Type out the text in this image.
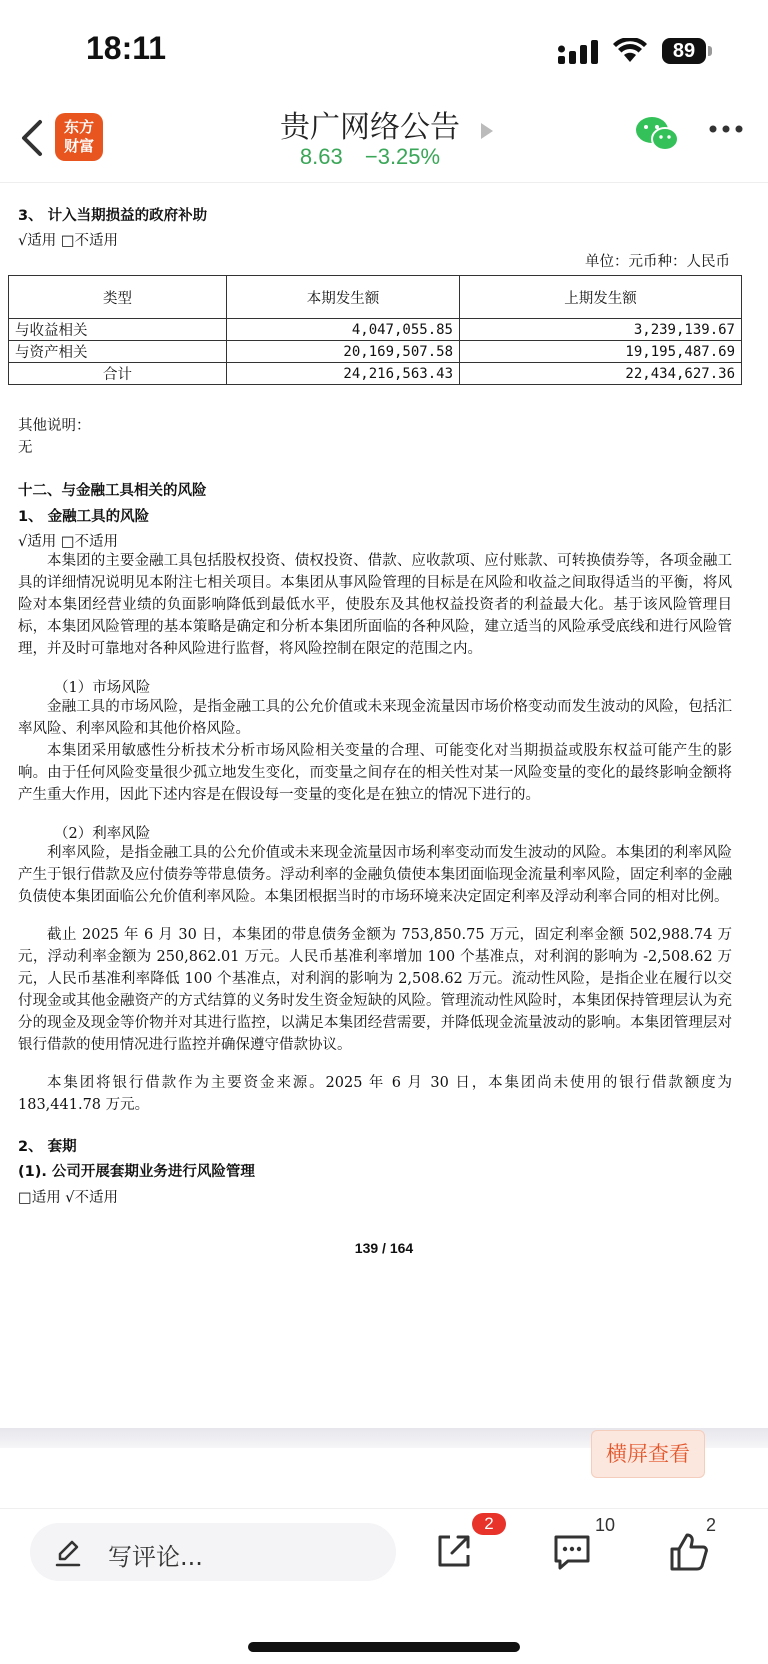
18:11	89
东方
财富
贵广网络公告
8.63 −3.25%
3、 计入当期损益的政府补助
√适用 □不适用
单位：元币种：人民币
类型	本期发生额	上期发生额
与收益相关	4,047,055.85	3,239,139.67
与资产相关	20,169,507.58	19,195,487.69
合计	24,216,563.43	22,434,627.36
其他说明：
无
十二、与金融工具相关的风险
1、 金融工具的风险
√适用 □不适用
本集团的主要金融工具包括股权投资、债权投资、借款、应收款项、应付账款、可转换债券等，各项金融工具的详细情况说明见本附注七相关项目。本集团从事风险管理的目标是在风险和收益之间取得适当的平衡，将风险对本集团经营业绩的负面影响降低到最低水平，使股东及其他权益投资者的利益最大化。基于该风险管理目标，本集团风险管理的基本策略是确定和分析本集团所面临的各种风险，建立适当的风险承受底线和进行风险管理，并及时可靠地对各种风险进行监督，将风险控制在限定的范围之内。
（1）市场风险
金融工具的市场风险，是指金融工具的公允价值或未来现金流量因市场价格变动而发生波动的风险，包括汇率风险、利率风险和其他价格风险。
本集团采用敏感性分析技术分析市场风险相关变量的合理、可能变化对当期损益或股东权益可能产生的影响。由于任何风险变量很少孤立地发生变化，而变量之间存在的相关性对某一风险变量的变化的最终影响金额将产生重大作用，因此下述内容是在假设每一变量的变化是在独立的情况下进行的。
（2）利率风险
利率风险，是指金融工具的公允价值或未来现金流量因市场利率变动而发生波动的风险。本集团的利率风险产生于银行借款及应付债券等带息债务。浮动利率的金融负债使本集团面临现金流量利率风险，固定利率的金融负债使本集团面临公允价值利率风险。本集团根据当时的市场环境来决定固定利率及浮动利率合同的相对比例。
截止 2025 年 6 月 30 日，本集团的带息债务金额为 753,850.75 万元，固定利率金额 502,988.74 万元，浮动利率金额为 250,862.01 万元。人民币基准利率增加 100 个基准点，对利润的影响为 -2,508.62 万元，人民币基准利率降低 100 个基准点，对利润的影响为 2,508.62 万元。流动性风险，是指企业在履行以交付现金或其他金融资产的方式结算的义务时发生资金短缺的风险。管理流动性风险时，本集团保持管理层认为充分的现金及现金等价物并对其进行监控，以满足本集团经营需要，并降低现金流量波动的影响。本集团管理层对银行借款的使用情况进行监控并确保遵守借款协议。
本集团将银行借款作为主要资金来源。2025 年 6 月 30 日，本集团尚未使用的银行借款额度为 183,441.78 万元。
2、 套期
(1). 公司开展套期业务进行风险管理
□适用 √不适用
139 / 164
横屏查看
写评论...
2	10	2
